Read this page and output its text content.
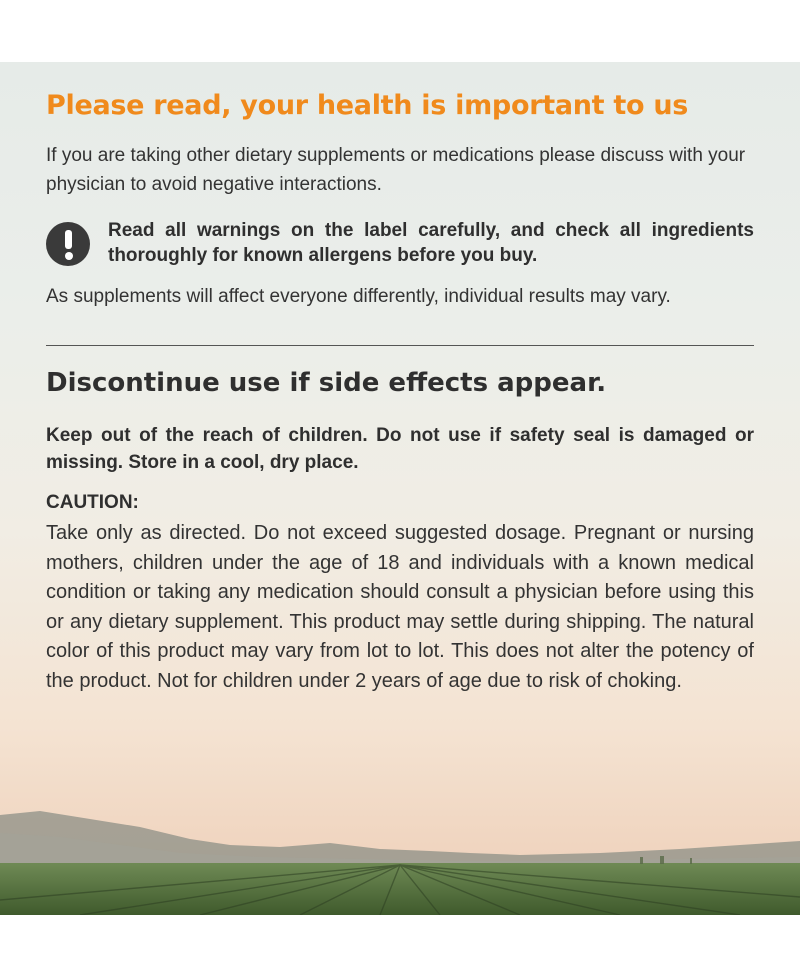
Please read, your health is important to us

If you are taking other dietary supplements or medications please discuss with your physician to avoid negative interactions.

Read all warnings on the label carefully, and check all ingredients thoroughly for known allergens before you buy.

As supplements will affect everyone differently, individual results may vary.

Discontinue use if side effects appear.

Keep out of the reach of children. Do not use if safety seal is damaged or missing. Store in a cool, dry place.

CAUTION:

Take only as directed. Do not exceed suggested dosage. Pregnant or nursing mothers, children under the age of 18 and individuals with a known medical condition or taking any medication should consult a physician before using this or any dietary supplement. This product may settle during shipping. The natural color of this product may vary from lot to lot. This does not alter the potency of the product. Not for children under 2 years of age due to risk of choking.
